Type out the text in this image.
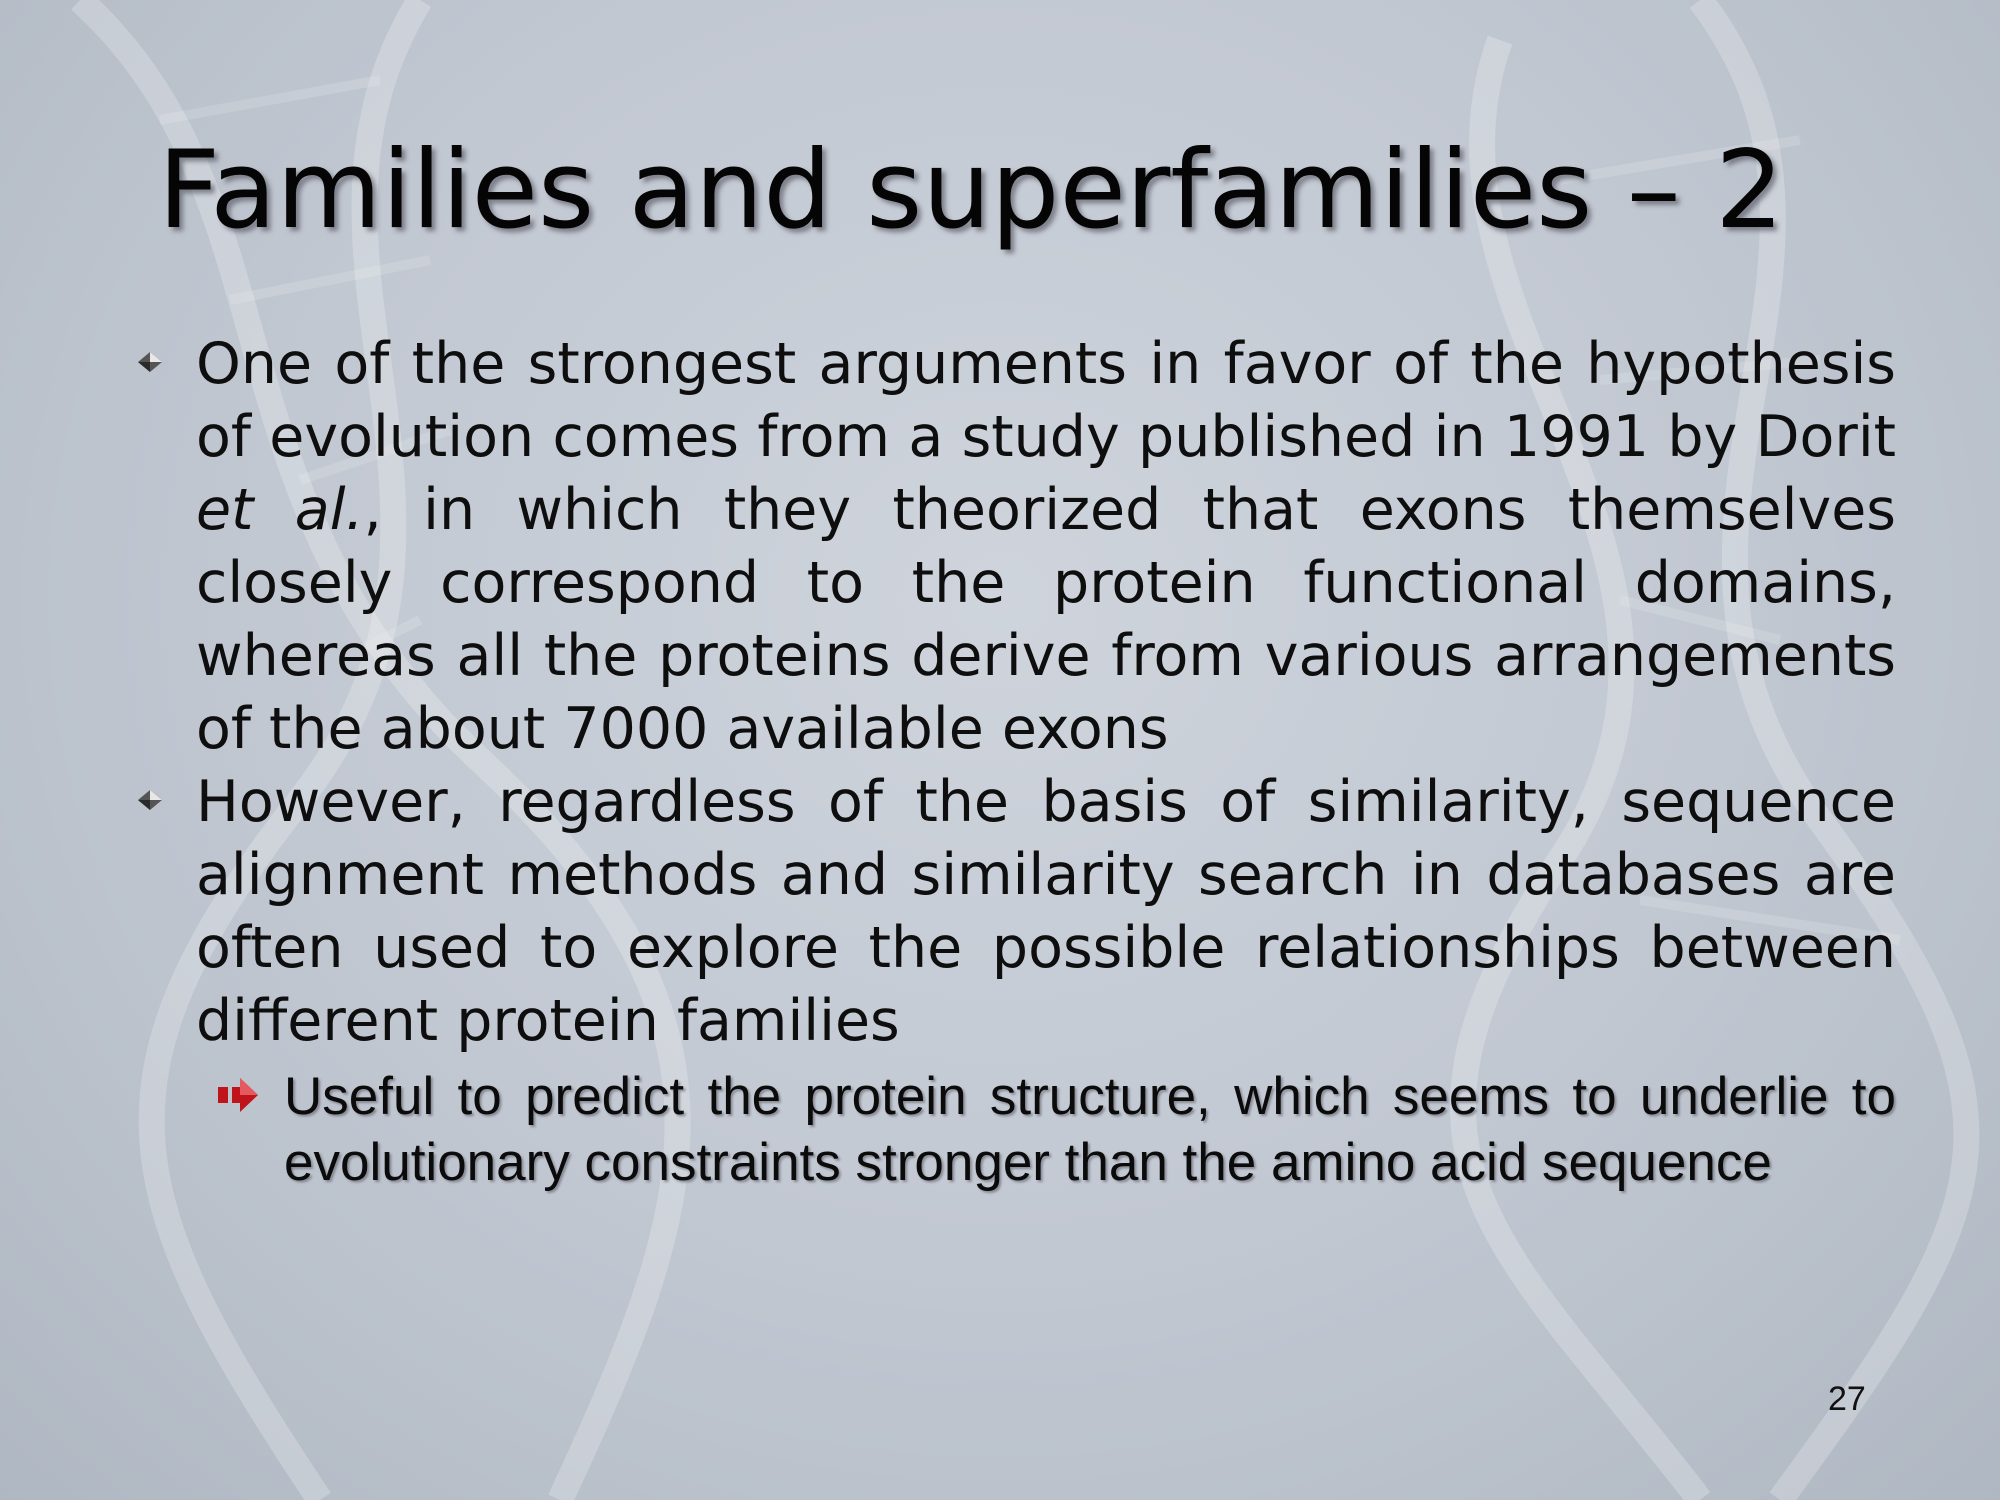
Families and superfamilies – 2
One of the strongest arguments in favor of the hypothesis of evolution comes from a study published in 1991 by Dorit et al., in which they theorized that exons themselves closely correspond to the protein functional domains, whereas all the proteins derive from various arrangements of the about 7000 available exons
However, regardless of the basis of similarity, sequence alignment methods and similarity search in databases are often used to explore the possible relationships between different protein families
Useful to predict the protein structure, which seems to underlie to evolutionary constraints stronger than the amino acid sequence
27
